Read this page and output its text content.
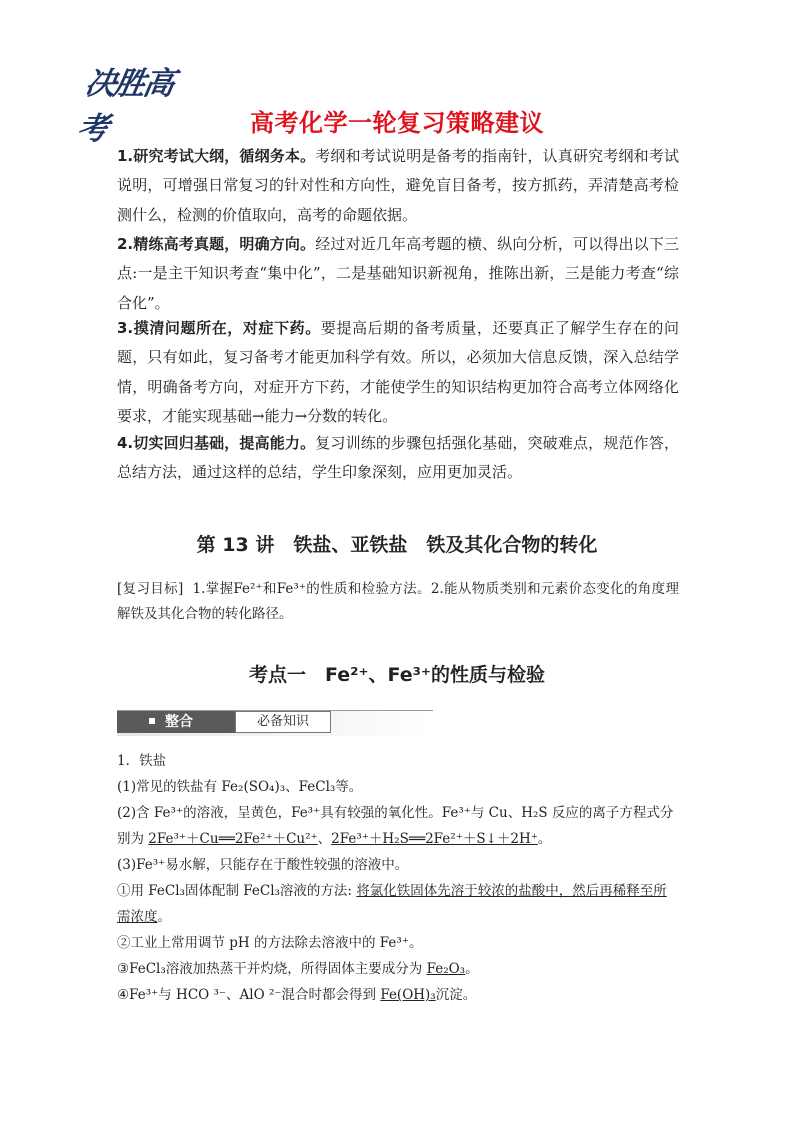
决胜高考	高考化学一轮复习策略建议
1.研究考试大纲，循纲务本。考纲和考试说明是备考的指南针，认真研究考纲和考试说明，可增强日常复习的针对性和方向性，避免盲目备考，按方抓药，弄清楚高考检测什么，检测的价值取向，高考的命题依据。
2.精练高考真题，明确方向。经过对近几年高考题的横、纵向分析，可以得出以下三点:一是主干知识考查“集中化”，二是基础知识新视角，推陈出新，三是能力考查“综合化”。
3.摸清问题所在，对症下药。要提高后期的备考质量，还要真正了解学生存在的问题，只有如此，复习备考才能更加科学有效。所以，必须加大信息反馈，深入总结学情，明确备考方向，对症开方下药，才能使学生的知识结构更加符合高考立体网络化要求，才能实现基础→能力→分数的转化。
4.切实回归基础，提高能力。复习训练的步骤包括强化基础，突破难点，规范作答，总结方法，通过这样的总结，学生印象深刻，应用更加灵活。
第 13 讲　铁盐、亚铁盐　铁及其化合物的转化
[复习目标] 1.掌握Fe²⁺和Fe³⁺的性质和检验方法。2.能从物质类别和元素价态变化的角度理解铁及其化合物的转化路径。
考点一　Fe²⁺、Fe³⁺的性质与检验
整合	必备知识
1．铁盐
(1)常见的铁盐有 Fe₂(SO₄)₃、FeCl₃等。
(2)含 Fe³⁺的溶液，呈黄色，Fe³⁺具有较强的氧化性。Fe³⁺与 Cu、H₂S 反应的离子方程式分
别为 2Fe³⁺＋Cu══2Fe²⁺＋Cu²⁺、2Fe³⁺＋H₂S══2Fe²⁺＋S↓＋2H⁺。
(3)Fe³⁺易水解，只能存在于酸性较强的溶液中。
①用 FeCl₃固体配制 FeCl₃溶液的方法: 将氯化铁固体先溶于较浓的盐酸中，然后再稀释至所
需浓度。
②工业上常用调节 pH 的方法除去溶液中的 Fe³⁺。
③FeCl₃溶液加热蒸干并灼烧，所得固体主要成分为 Fe₂O₃。
④Fe³⁺与 HCO ³⁻、AlO ²⁻混合时都会得到 Fe(OH)₃沉淀。
